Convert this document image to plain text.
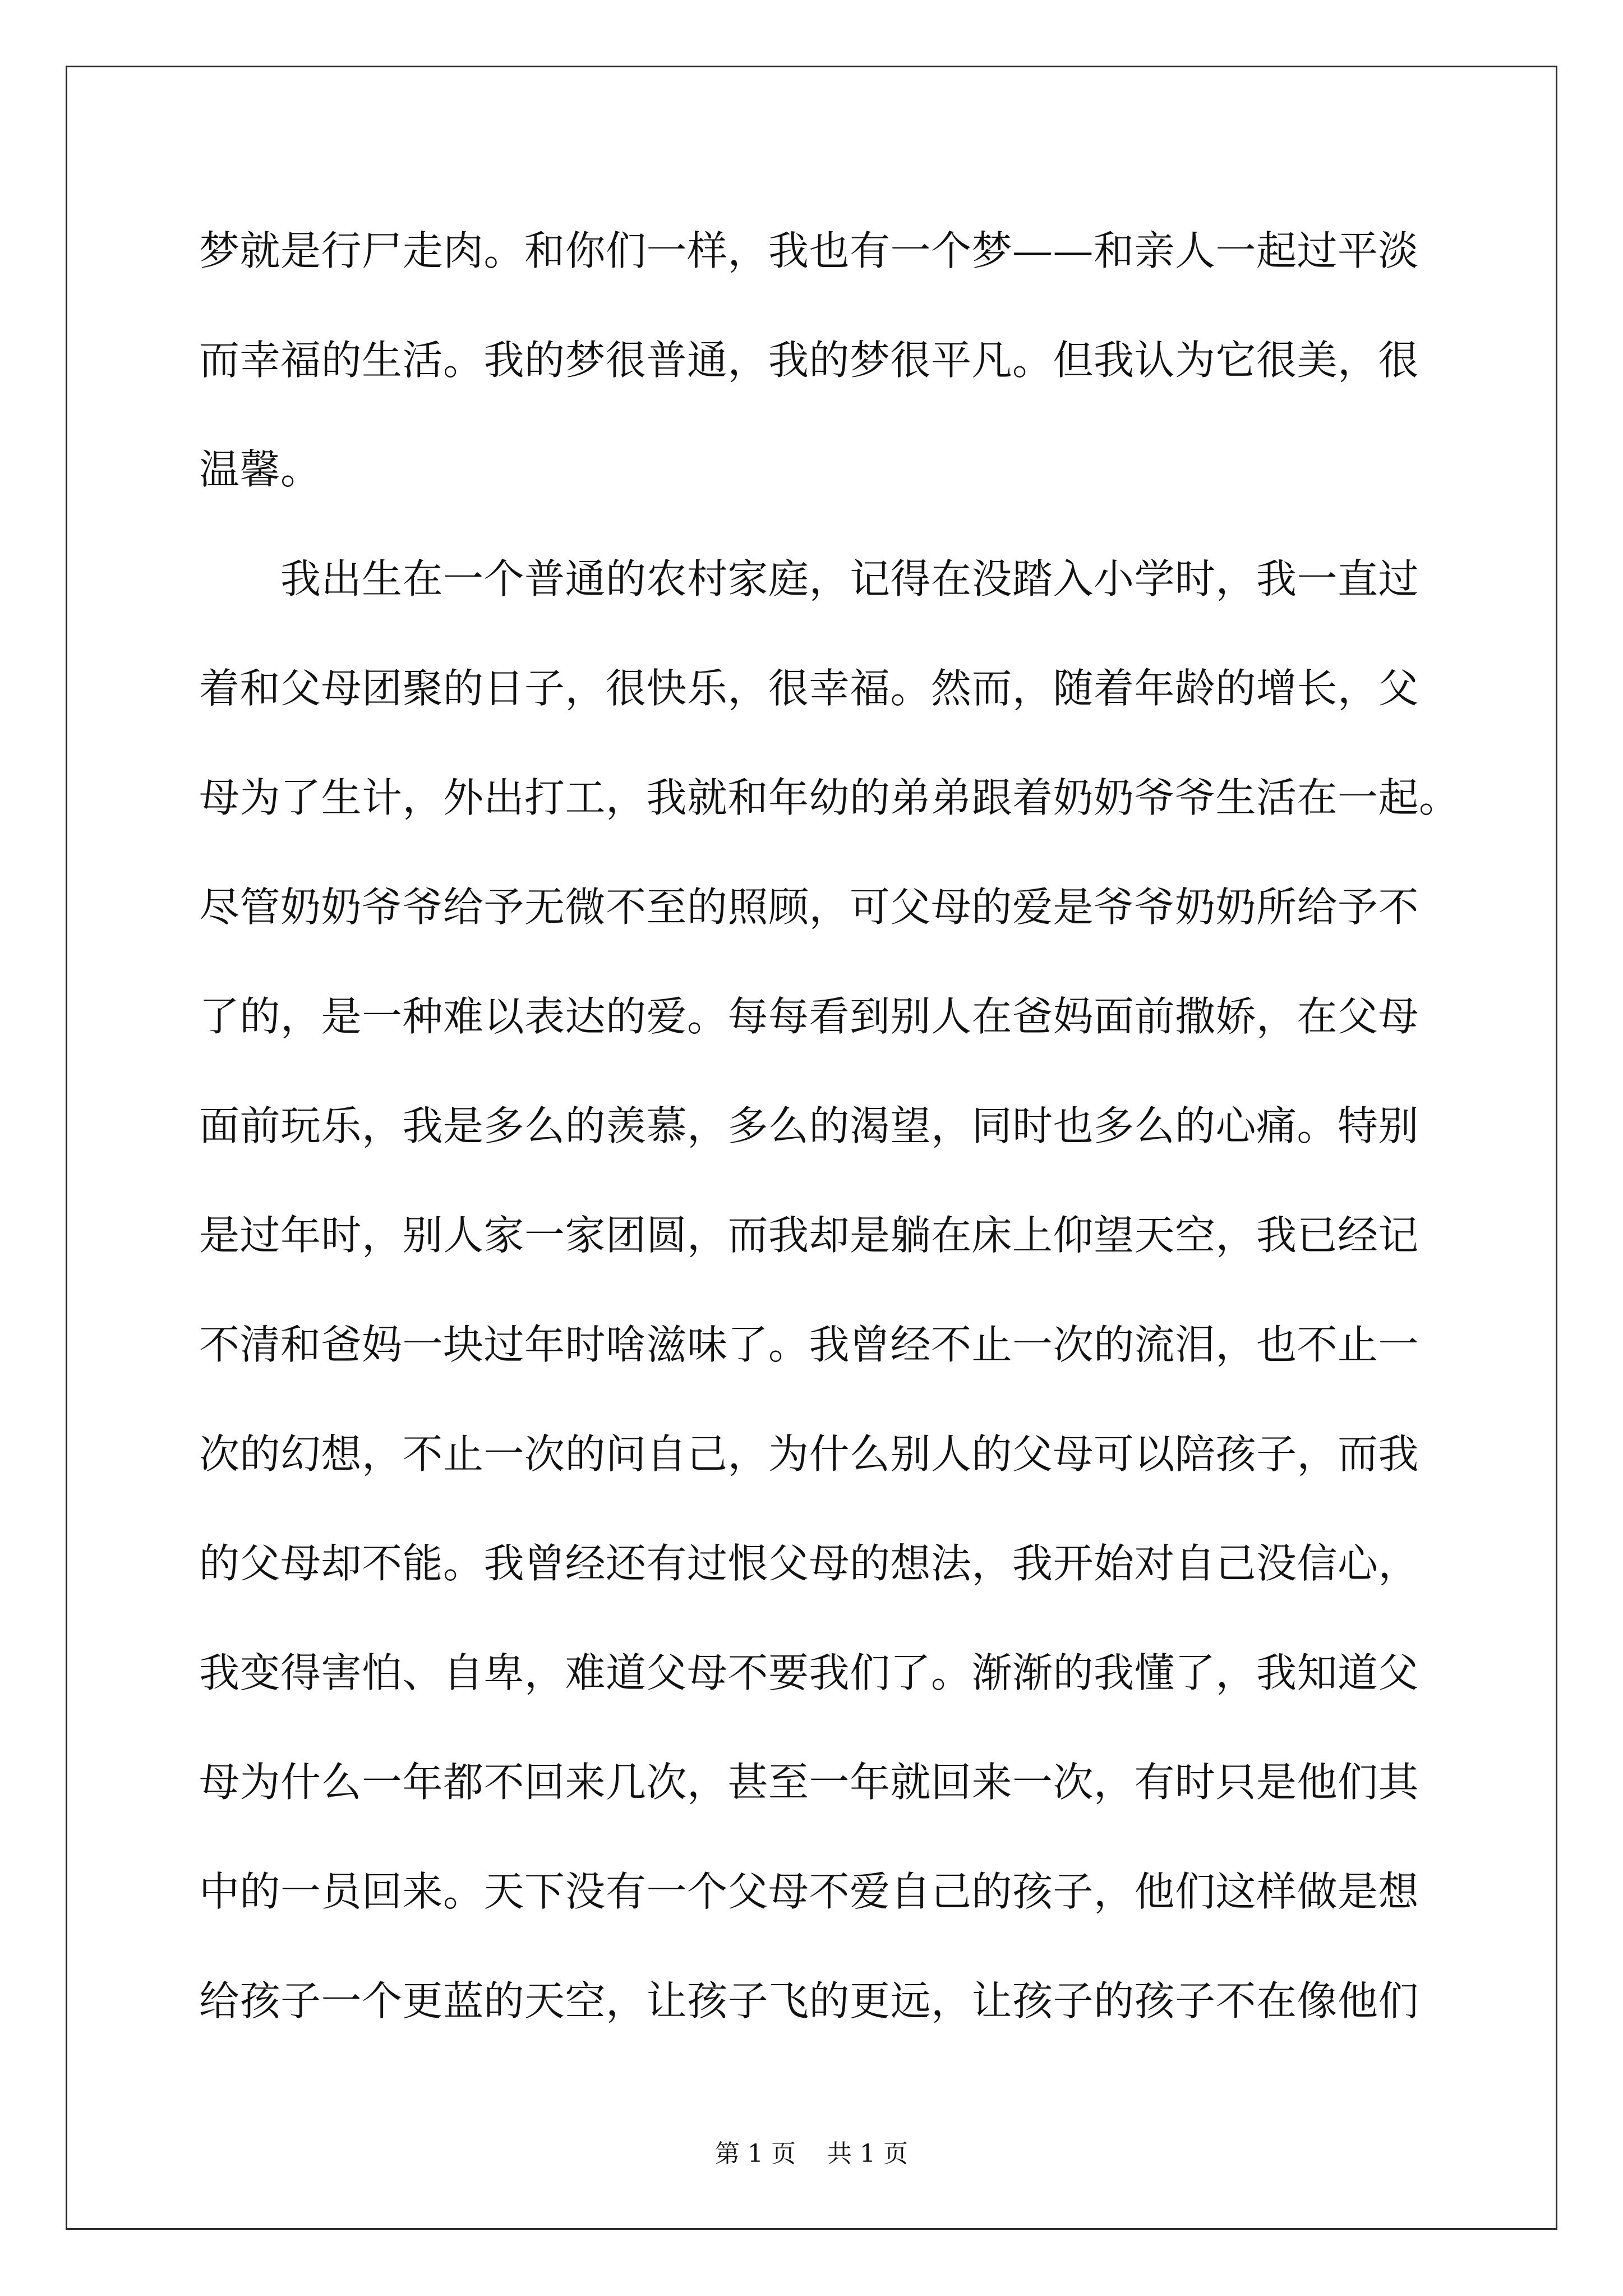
梦就是行尸走肉。和你们一样，我也有一个梦——和亲人一起过平淡
而幸福的生活。我的梦很普通，我的梦很平凡。但我认为它很美，很
温馨。
　　我出生在一个普通的农村家庭，记得在没踏入小学时，我一直过
着和父母团聚的日子，很快乐，很幸福。然而，随着年龄的增长，父
母为了生计，外出打工，我就和年幼的弟弟跟着奶奶爷爷生活在一起。
尽管奶奶爷爷给予无微不至的照顾，可父母的爱是爷爷奶奶所给予不
了的，是一种难以表达的爱。每每看到别人在爸妈面前撒娇，在父母
面前玩乐，我是多么的羡慕，多么的渴望，同时也多么的心痛。特别
是过年时，别人家一家团圆，而我却是躺在床上仰望天空，我已经记
不清和爸妈一块过年时啥滋味了。我曾经不止一次的流泪，也不止一
次的幻想，不止一次的问自己，为什么别人的父母可以陪孩子，而我
的父母却不能。我曾经还有过恨父母的想法，我开始对自己没信心，
我变得害怕、自卑，难道父母不要我们了。渐渐的我懂了，我知道父
母为什么一年都不回来几次，甚至一年就回来一次，有时只是他们其
中的一员回来。天下没有一个父母不爱自己的孩子，他们这样做是想
给孩子一个更蓝的天空，让孩子飞的更远，让孩子的孩子不在像他们
第 1 页 共 1 页
